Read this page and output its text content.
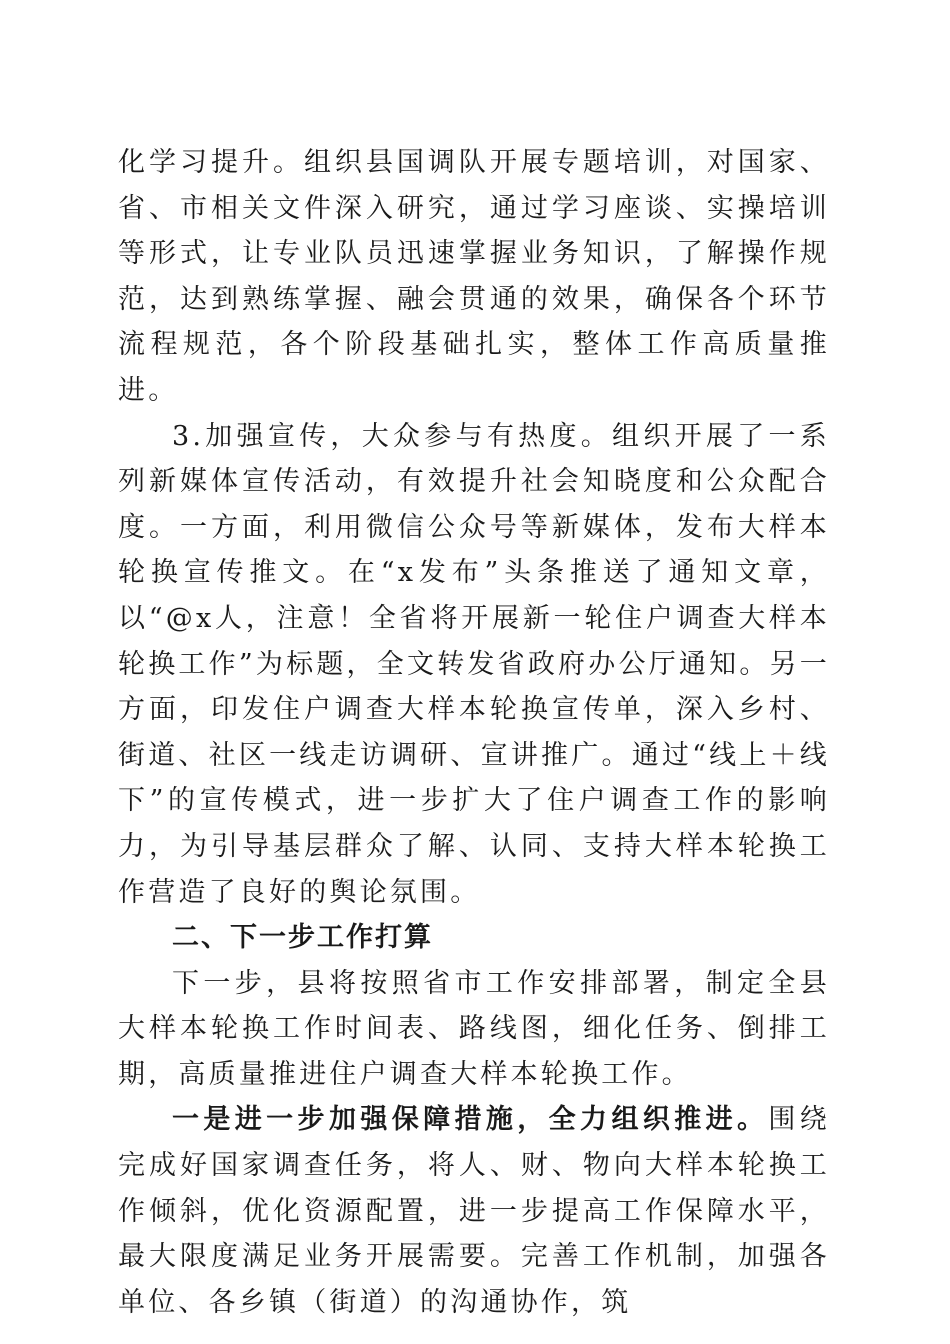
化学习提升。组织县国调队开展专题培训，对国家、省、市相关文件深入研究，通过学习座谈、实操培训等形式，让专业队员迅速掌握业务知识，了解操作规范，达到熟练掌握、融会贯通的效果，确保各个环节流程规范，各个阶段基础扎实，整体工作高质量推进。

3.加强宣传，大众参与有热度。组织开展了一系列新媒体宣传活动，有效提升社会知晓度和公众配合度。一方面，利用微信公众号等新媒体，发布大样本轮换宣传推文。在“x发布”头条推送了通知文章，以“@x人，注意！全省将开展新一轮住户调查大样本轮换工作”为标题，全文转发省政府办公厅通知。另一方面，印发住户调查大样本轮换宣传单，深入乡村、街道、社区一线走访调研、宣讲推广。通过“线上＋线下”的宣传模式，进一步扩大了住户调查工作的影响力，为引导基层群众了解、认同、支持大样本轮换工作营造了良好的舆论氛围。

二、下一步工作打算

下一步，县将按照省市工作安排部署，制定全县大样本轮换工作时间表、路线图，细化任务、倒排工期，高质量推进住户调查大样本轮换工作。

一是进一步加强保障措施，全力组织推进。围绕完成好国家调查任务，将人、财、物向大样本轮换工作倾斜，优化资源配置，进一步提高工作保障水平，最大限度满足业务开展需要。完善工作机制，加强各单位、各乡镇（街道）的沟通协作，筑
